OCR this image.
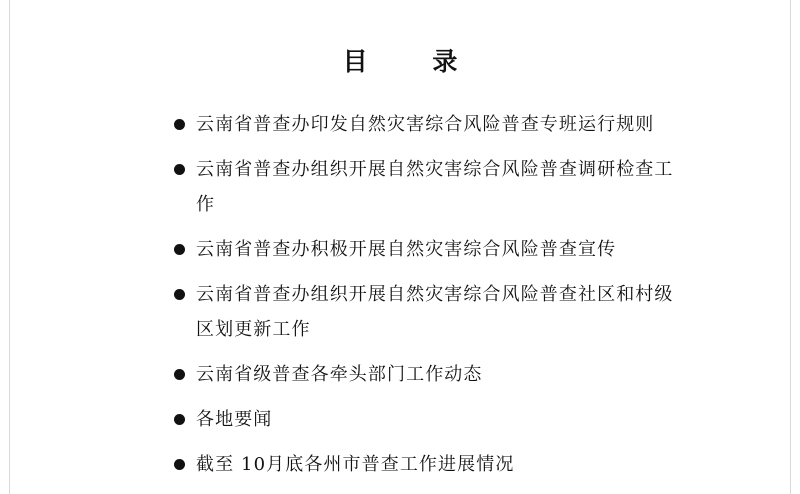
目 录
云南省普查办印发自然灾害综合风险普查专班运行规则
云南省普查办组织开展自然灾害综合风险普查调研检查工作
云南省普查办积极开展自然灾害综合风险普查宣传
云南省普查办组织开展自然灾害综合风险普查社区和村级区划更新工作
云南省级普查各牵头部门工作动态
各地要闻
截至 10月底各州市普查工作进展情况
